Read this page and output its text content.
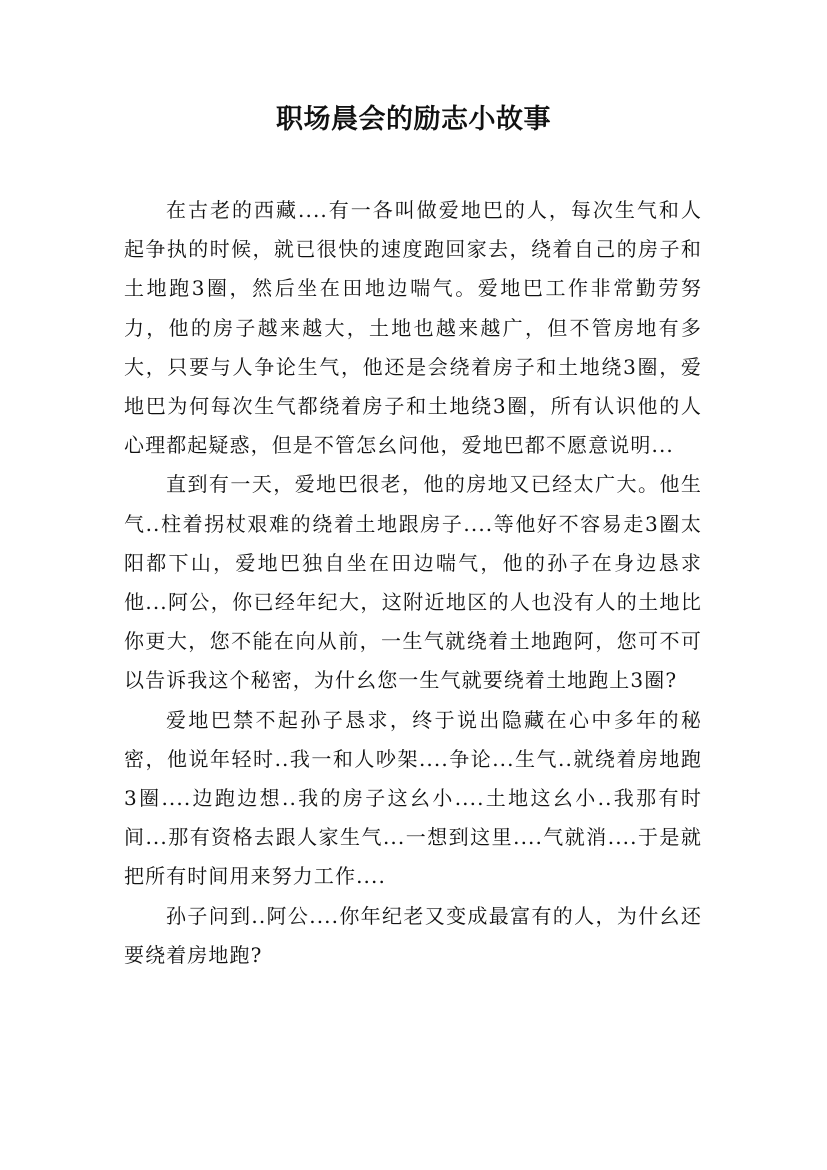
职场晨会的励志小故事

在古老的西藏....有一各叫做爱地巴的人，每次生气和人起争执的时候，就已很快的速度跑回家去，绕着自己的房子和土地跑3圈，然后坐在田地边喘气。爱地巴工作非常勤劳努力，他的房子越来越大，土地也越来越广，但不管房地有多大，只要与人争论生气，他还是会绕着房子和土地绕3圈，爱地巴为何每次生气都绕着房子和土地绕3圈，所有认识他的人心理都起疑惑，但是不管怎幺问他，爱地巴都不愿意说明...

直到有一天，爱地巴很老，他的房地又已经太广大。他生气..柱着拐杖艰难的绕着土地跟房子....等他好不容易走3圈太阳都下山，爱地巴独自坐在田边喘气，他的孙子在身边恳求他...阿公，你已经年纪大，这附近地区的人也没有人的土地比你更大，您不能在向从前，一生气就绕着土地跑阿，您可不可以告诉我这个秘密，为什幺您一生气就要绕着土地跑上3圈?

爱地巴禁不起孙子恳求，终于说出隐藏在心中多年的秘密，他说年轻时..我一和人吵架....争论...生气..就绕着房地跑3圈....边跑边想..我的房子这幺小....土地这幺小..我那有时间...那有资格去跟人家生气...一想到这里....气就消....于是就把所有时间用来努力工作....

孙子问到..阿公....你年纪老又变成最富有的人，为什幺还要绕着房地跑?
